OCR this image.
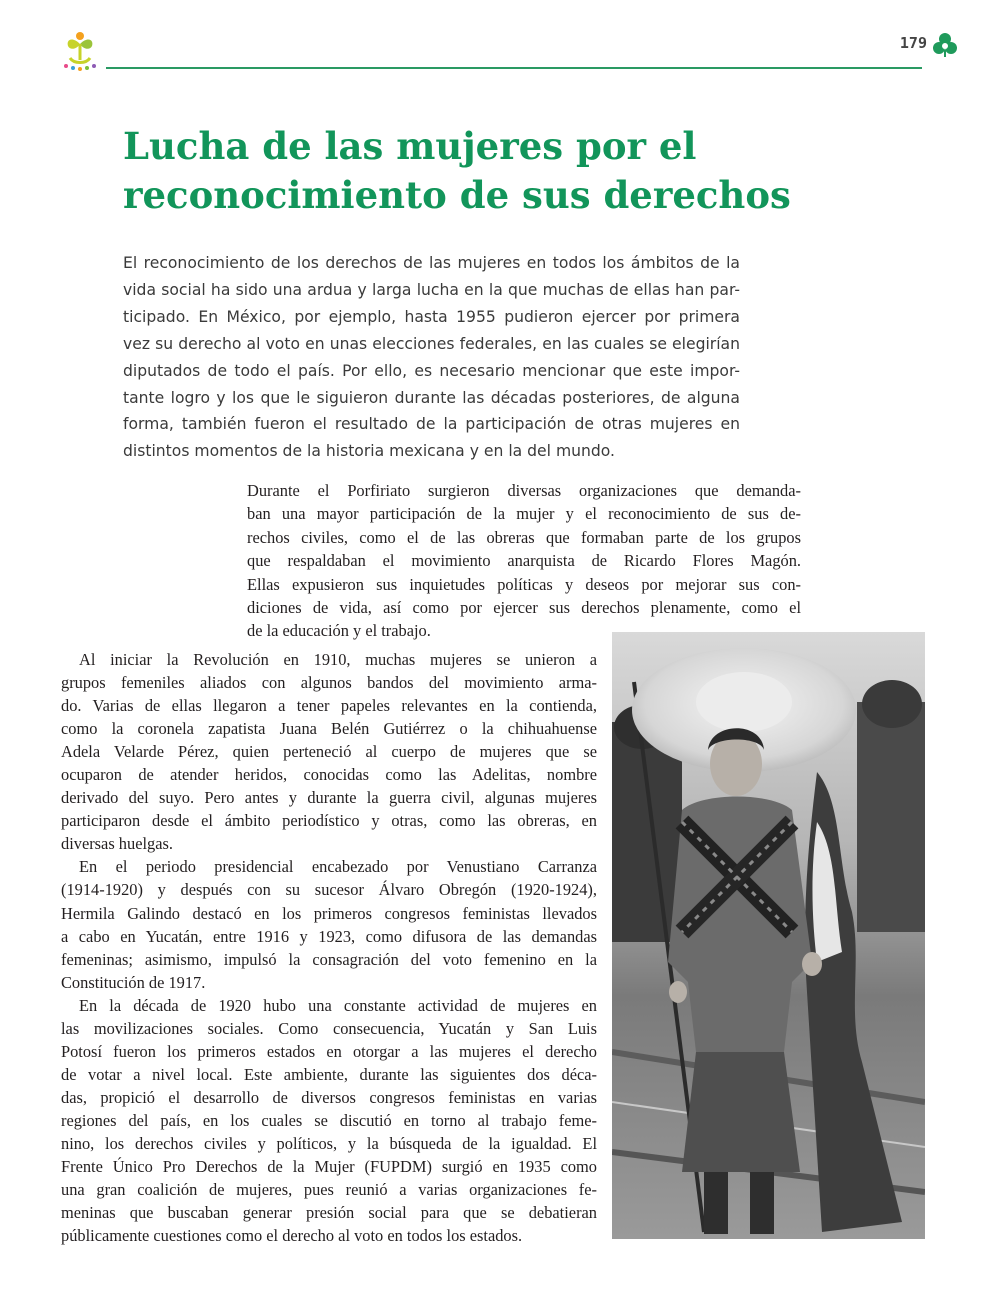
179
Lucha de las mujeres por el
reconocimiento de sus derechos
El reconocimiento de los derechos de las mujeres en todos los ámbitos de la
vida social ha sido una ardua y larga lucha en la que muchas de ellas han par-
ticipado. En México, por ejemplo, hasta 1955 pudieron ejercer por primera
vez su derecho al voto en unas elecciones federales, en las cuales se elegirían
diputados de todo el país. Por ello, es necesario mencionar que este impor-
tante logro y los que le siguieron durante las décadas posteriores, de alguna
forma, también fueron el resultado de la participación de otras mujeres en
distintos momentos de la historia mexicana y en la del mundo.
Durante el Porfiriato surgieron diversas organizaciones que demanda-
ban una mayor participación de la mujer y el reconocimiento de sus de-
rechos civiles, como el de las obreras que formaban parte de los grupos
que respaldaban el movimiento anarquista de Ricardo Flores Magón.
Ellas expusieron sus inquietudes políticas y deseos por mejorar sus con-
diciones de vida, así como por ejercer sus derechos plenamente, como el
de la educación y el trabajo.
Al iniciar la Revolución en 1910, muchas mujeres se unieron a
grupos femeniles aliados con algunos bandos del movimiento arma-
do. Varias de ellas llegaron a tener papeles relevantes en la contienda,
como la coronela zapatista Juana Belén Gutiérrez o la chihuahuense
Adela Velarde Pérez, quien perteneció al cuerpo de mujeres que se
ocuparon de atender heridos, conocidas como las Adelitas, nombre
derivado del suyo. Pero antes y durante la guerra civil, algunas mujeres
participaron desde el ámbito periodístico y otras, como las obreras, en
diversas huelgas.
En el periodo presidencial encabezado por Venustiano Carranza
(1914-1920) y después con su sucesor Álvaro Obregón (1920-1924),
Hermila Galindo destacó en los primeros congresos feministas llevados
a cabo en Yucatán, entre 1916 y 1923, como difusora de las demandas
femeninas; asimismo, impulsó la consagración del voto femenino en la
Constitución de 1917.
En la década de 1920 hubo una constante actividad de mujeres en
las movilizaciones sociales. Como consecuencia, Yucatán y San Luis
Potosí fueron los primeros estados en otorgar a las mujeres el derecho
de votar a nivel local. Este ambiente, durante las siguientes dos déca-
das, propició el desarrollo de diversos congresos feministas en varias
regiones del país, en los cuales se discutió en torno al trabajo feme-
nino, los derechos civiles y políticos, y la búsqueda de la igualdad. El
Frente Único Pro Derechos de la Mujer (FUPDM) surgió en 1935 como
una gran coalición de mujeres, pues reunió a varias organizaciones fe-
meninas que buscaban generar presión social para que se debatieran
públicamente cuestiones como el derecho al voto en todos los estados.
